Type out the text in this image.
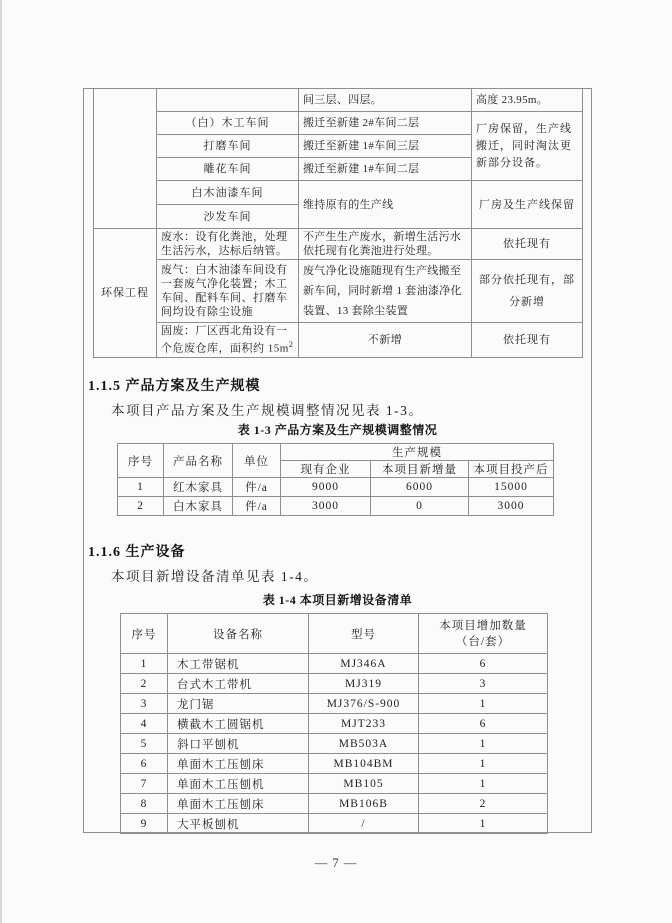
		间三层、四层。	高度 23.95m。
	（白）木工车间	搬迁至新建 2#车间二层	厂房保留，生产线搬迁，同时淘汰更新部分设备。
	打磨车间	搬迁至新建 1#车间三层	
	雕花车间	搬迁至新建 1#车间二层	
	白木油漆车间	维持原有的生产线	厂房及生产线保留
	沙发车间		
环保工程	废水：设有化粪池，处理生活污水，达标后纳管。	不产生生产废水，新增生活污水依托现有化粪池进行处理。	依托现有
	废气：白木油漆车间设有一套废气净化装置；木工车间、配料车间、打磨车间均设有除尘设施	废气净化设施随现有生产线搬至新车间，同时新增 1 套油漆净化装置、13 套除尘装置	部分依托现有，部分新增
	固废：厂区西北角设有一个危废仓库，面积约 $15m^2$	不新增	依托现有
1.1.5 产品方案及生产规模
本项目产品方案及生产规模调整情况见表 1-3。
表 1-3 产品方案及生产规模调整情况
序号	产品名称	单位	生产规模		
			现有企业	本项目新增量	本项目投产后
1	红木家具	件/a	9000	6000	15000
2	白木家具	件/a	3000	0	3000
1.1.6 生产设备
本项目新增设备清单见表 1-4。
表 1-4 本项目新增设备清单
序号	设备名称	型号	本项目增加数量
（台/套）

1	木工带锯机	MJ346A	6
2	台式木工带机	MJ319	3
3	龙门锯	MJ376/S-900	1
4	横截木工圆锯机	MJT233	6
5	斜口平刨机	MB503A	1
6	单面木工压刨床	MB104BM	1
7	单面木工压刨机	MB105	1
8	单面木工压刨床	MB106B	2
9	大平板刨机	/	1
— 7 —
